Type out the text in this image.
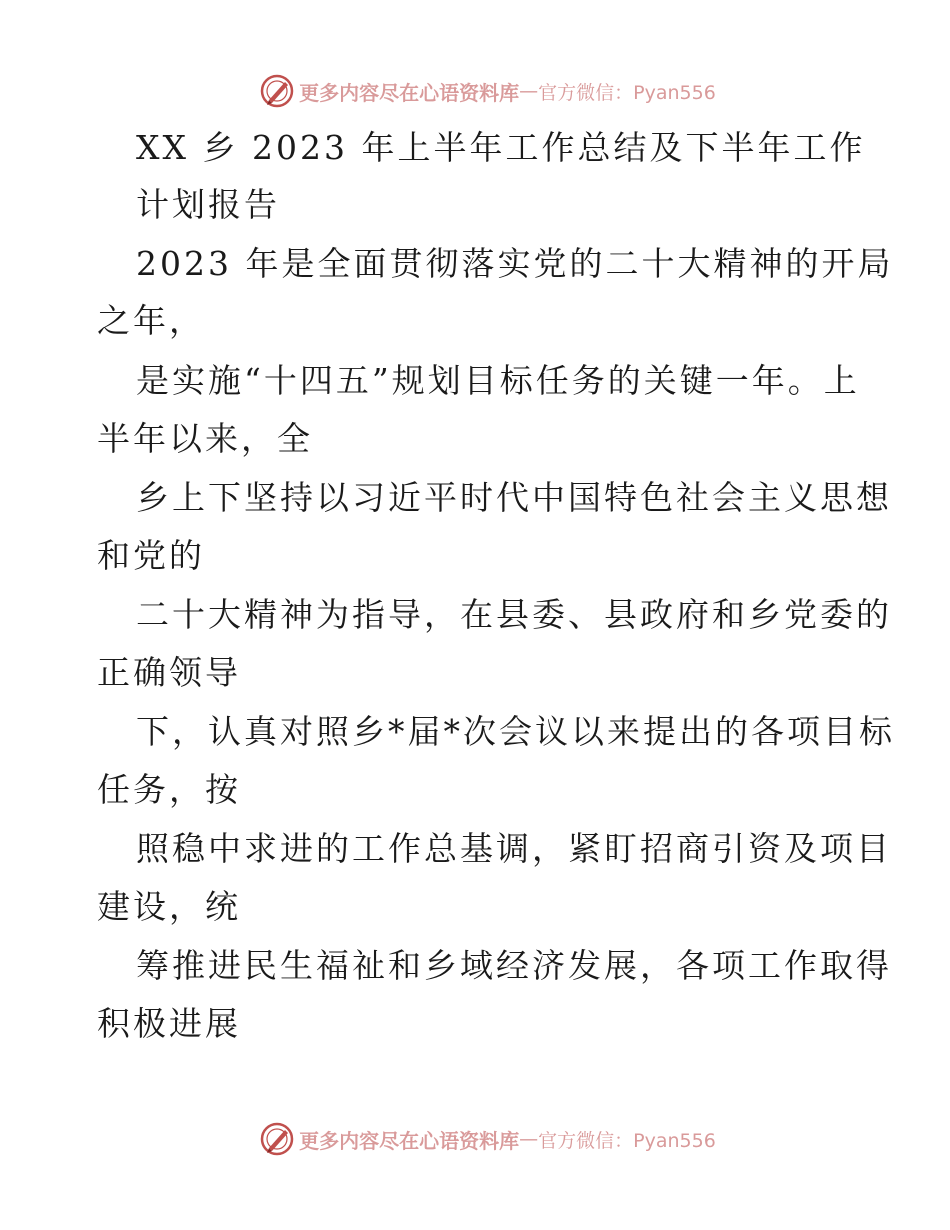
更多内容尽在心语资料库 — 官方微信：Pyan556
XX 乡 2023 年上半年工作总结及下半年工作
计划报告
2023 年是全面贯彻落实党的二十大精神的开局
之年，
是实施“十四五”规划目标任务的关键一年。上
半年以来，全
乡上下坚持以习近平时代中国特色社会主义思想
和党的
二十大精神为指导，在县委、县政府和乡党委的
正确领导
下，认真对照乡*届*次会议以来提出的各项目标
任务，按
照稳中求进的工作总基调，紧盯招商引资及项目
建设，统
筹推进民生福祉和乡域经济发展，各项工作取得
积极进展
更多内容尽在心语资料库 — 官方微信：Pyan556
